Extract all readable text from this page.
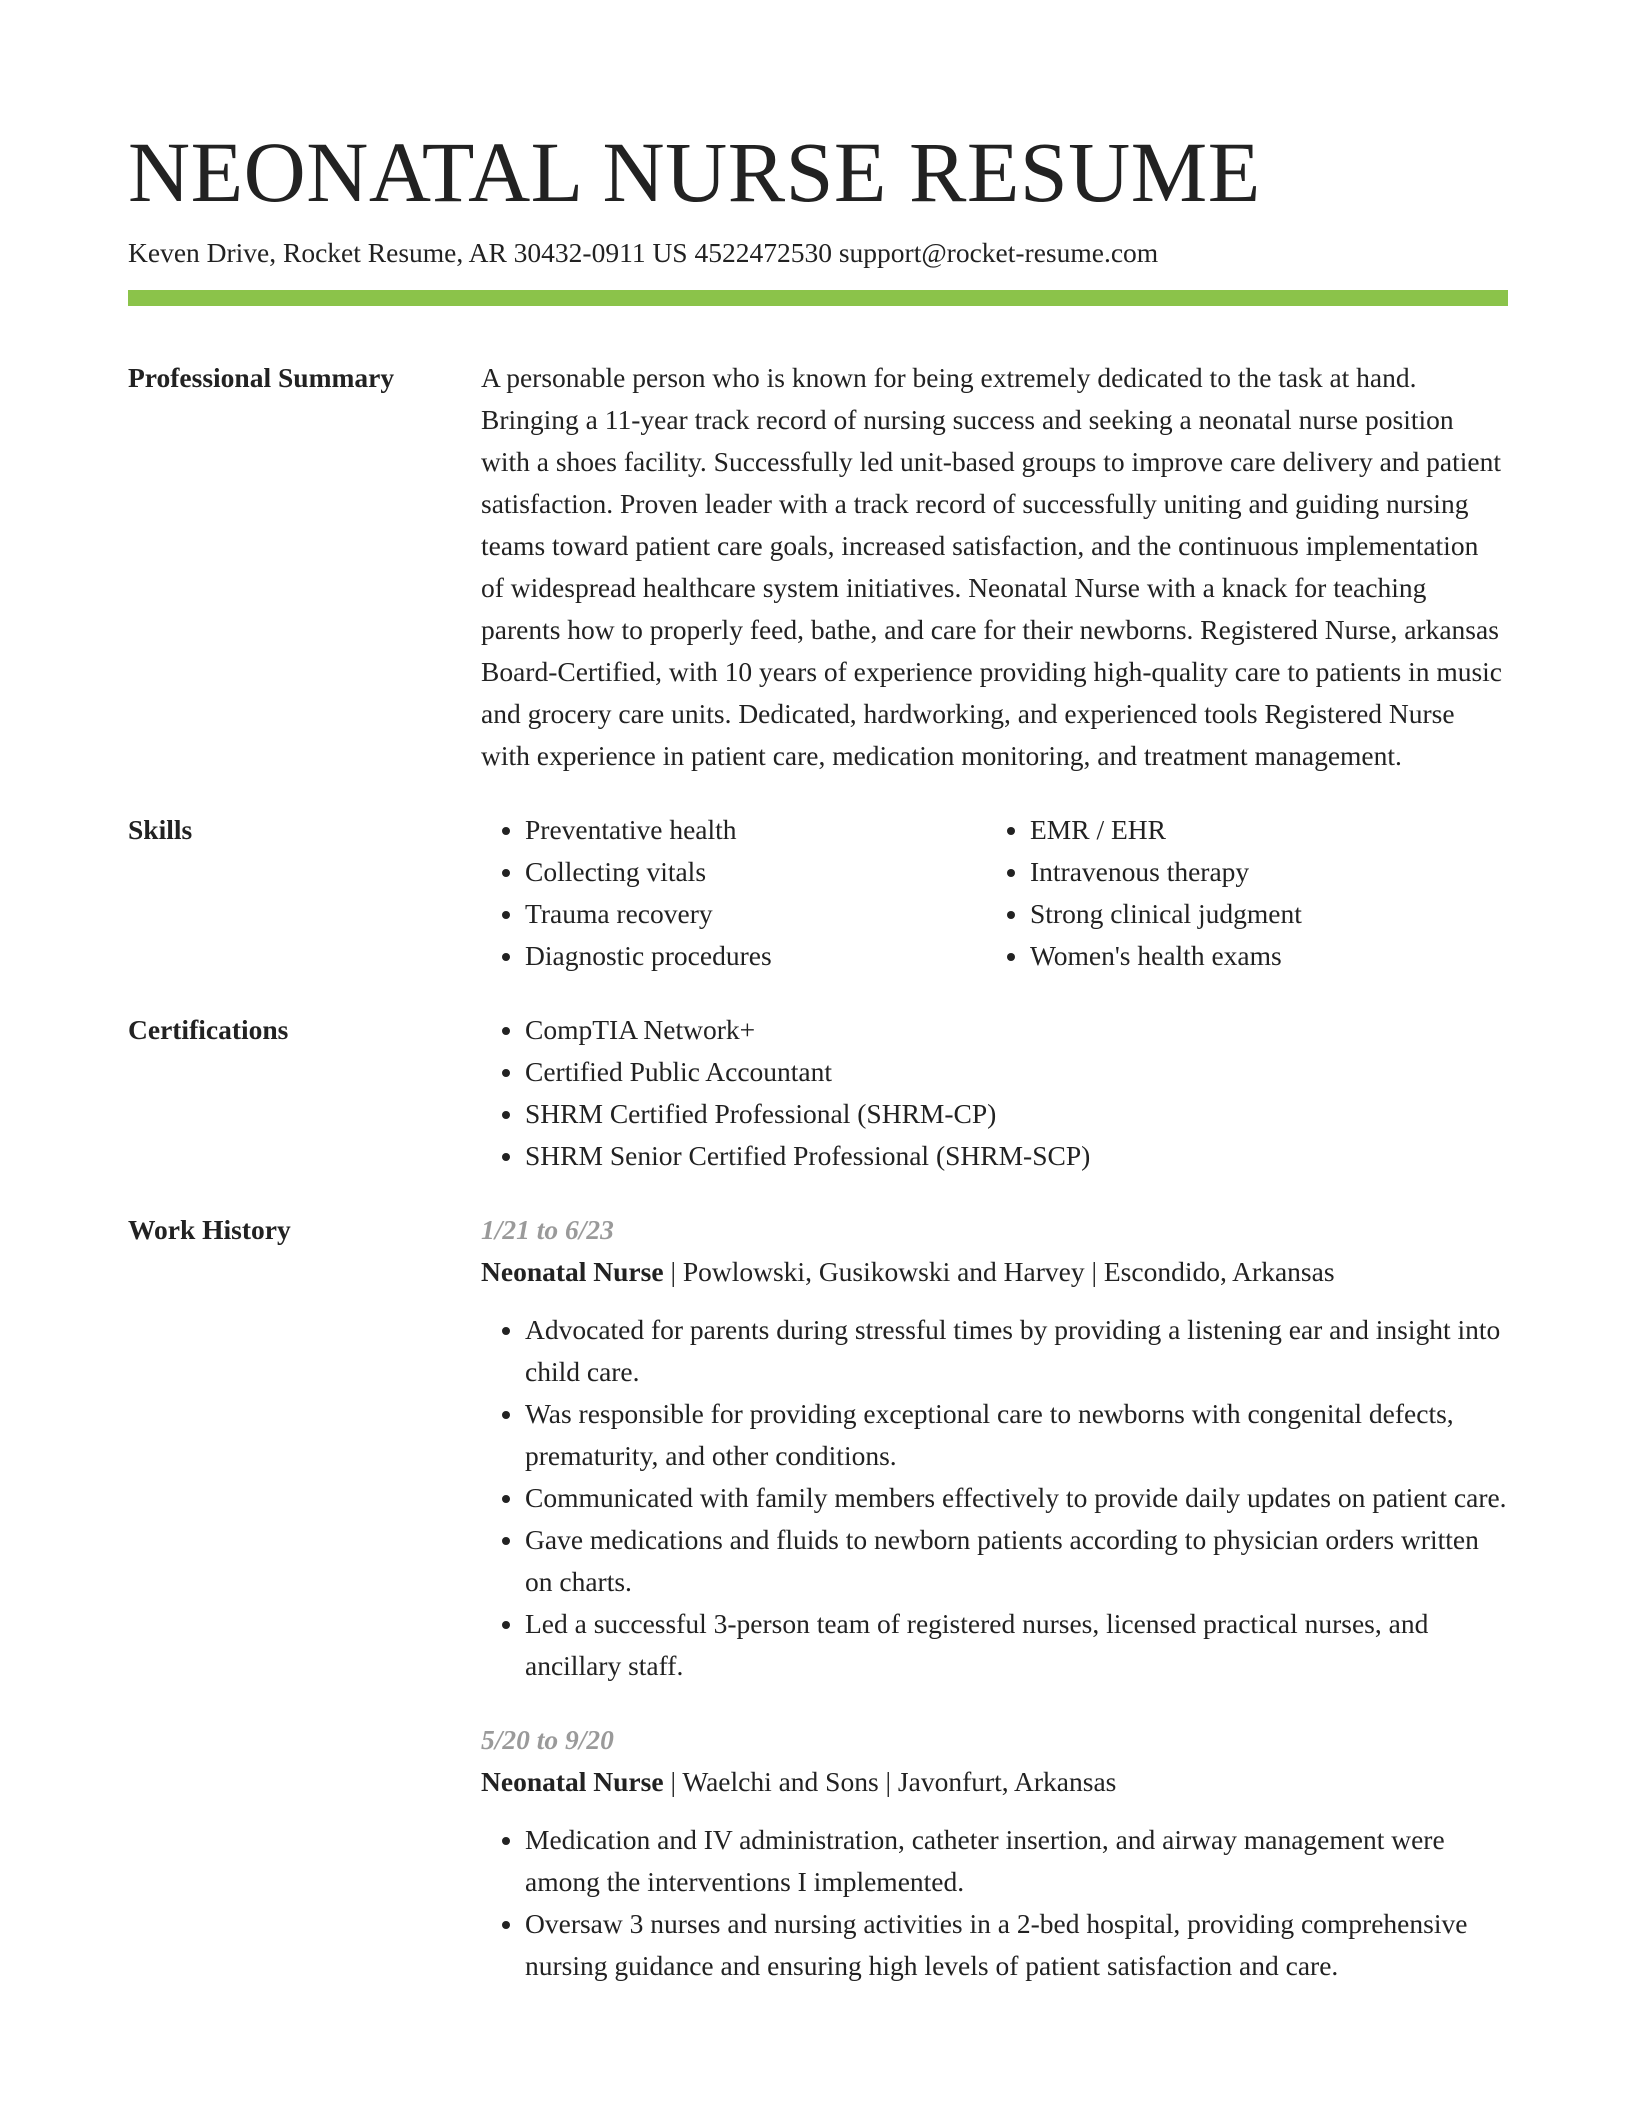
NEONATAL NURSE RESUME
Keven Drive, Rocket Resume, AR 30432-0911 US 4522472530 support@rocket-resume.com
Professional Summary	A personable person who is known for being extremely dedicated to the task at hand. Bringing a 11-year track record of nursing success and seeking a neonatal nurse position with a shoes facility. Successfully led unit-based groups to improve care delivery and patient satisfaction. Proven leader with a track record of successfully uniting and guiding nursing teams toward patient care goals, increased satisfaction, and the continuous implementation of widespread healthcare system initiatives. Neonatal Nurse with a knack for teaching parents how to properly feed, bathe, and care for their newborns. Registered Nurse, arkansas Board-Certified, with 10 years of experience providing high-quality care to patients in music and grocery care units. Dedicated, hardworking, and experienced tools Registered Nurse with experience in patient care, medication monitoring, and treatment management.

Skills	• Preventative health
• Collecting vitals
• Trauma recovery
• Diagnostic procedures
• EMR / EHR
• Intravenous therapy
• Strong clinical judgment
• Women's health exams
Certifications	• CompTIA Network+
• Certified Public Accountant
• SHRM Certified Professional (SHRM-CP)
• SHRM Senior Certified Professional (SHRM-SCP)
Work History	1/21 to 6/23

Neonatal Nurse | Powlowski, Gusikowski and Harvey | Escondido, Arkansas

• Advocated for parents during stressful times by providing a listening ear and insight into child care.
• Was responsible for providing exceptional care to newborns with congenital defects, prematurity, and other conditions.
• Communicated with family members effectively to provide daily updates on patient care.
• Gave medications and fluids to newborn patients according to physician orders written on charts.
• Led a successful 3-person team of registered nurses, licensed practical nurses, and ancillary staff.

5/20 to 9/20

Neonatal Nurse | Waelchi and Sons | Javonfurt, Arkansas

• Medication and IV administration, catheter insertion, and airway management were among the interventions I implemented.
• Oversaw 3 nurses and nursing activities in a 2-bed hospital, providing comprehensive nursing guidance and ensuring high levels of patient satisfaction and care.
